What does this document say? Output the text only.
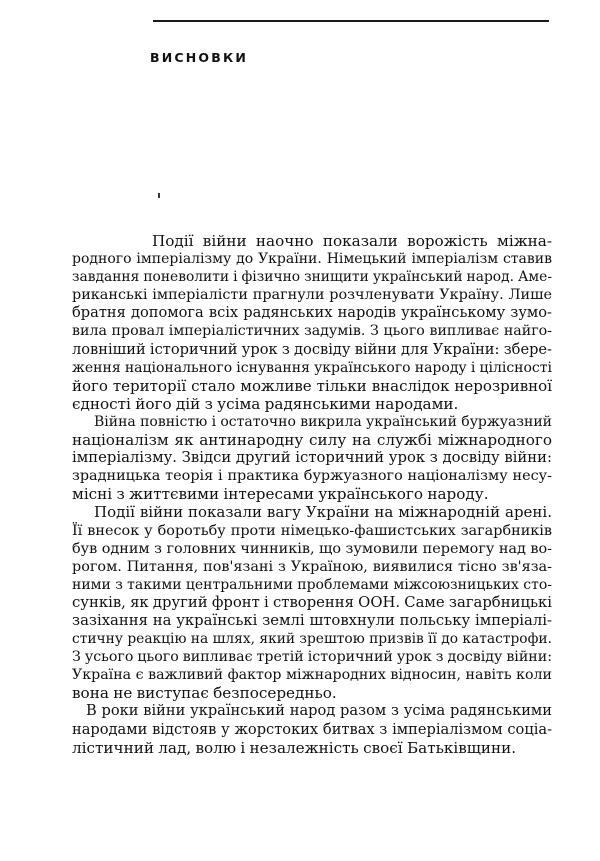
ВИСНОВКИ
Події війни наочно показали ворожість міжна-
родного імперіалізму до України. Німецький імперіалізм ставив
завдання поневолити і фізично знищити український народ. Аме-
риканські імперіалісти прагнули розчленувати Україну. Лише
братня допомога всіх радянських народів українському зумо-
вила провал імперіалістичних задумів. З цього випливає найго-
ловніший історичний урок з досвіду війни для України: збере-
ження національного існування українського народу і цілісності
його території стало можливе тільки внаслідок нерозривної
єдності його дій з усіма радянськими народами.
Війна повністю і остаточно викрила український буржуазний
націоналізм як антинародну силу на службі міжнародного
імперіалізму. Звідси другий історичний урок з досвіду війни:
зрадницька теорія і практика буржуазного націоналізму несу-
місні з життєвими інтересами українського народу.
Події війни показали вагу України на міжнародній арені.
Її внесок у боротьбу проти німецько-фашистських загарбників
був одним з головних чинників, що зумовили перемогу над во-
рогом. Питання, пов'язані з Україною, виявилися тісно зв'яза-
ними з такими центральними проблемами міжсоюзницьких сто-
сунків, як другий фронт і створення ООН. Саме загарбницькі
зазіхання на українські землі штовхнули польську імперіалі-
стичну реакцію на шлях, який зрештою призвів її до катастрофи.
З усього цього випливає третій історичний урок з досвіду війни:
Україна є важливий фактор міжнародних відносин, навіть коли
вона не виступає безпосередньо.
В роки війни український народ разом з усіма радянськими
народами відстояв у жорстоких битвах з імперіалізмом соціа-
лістичний лад, волю і незалежність своєї Батьківщини.
